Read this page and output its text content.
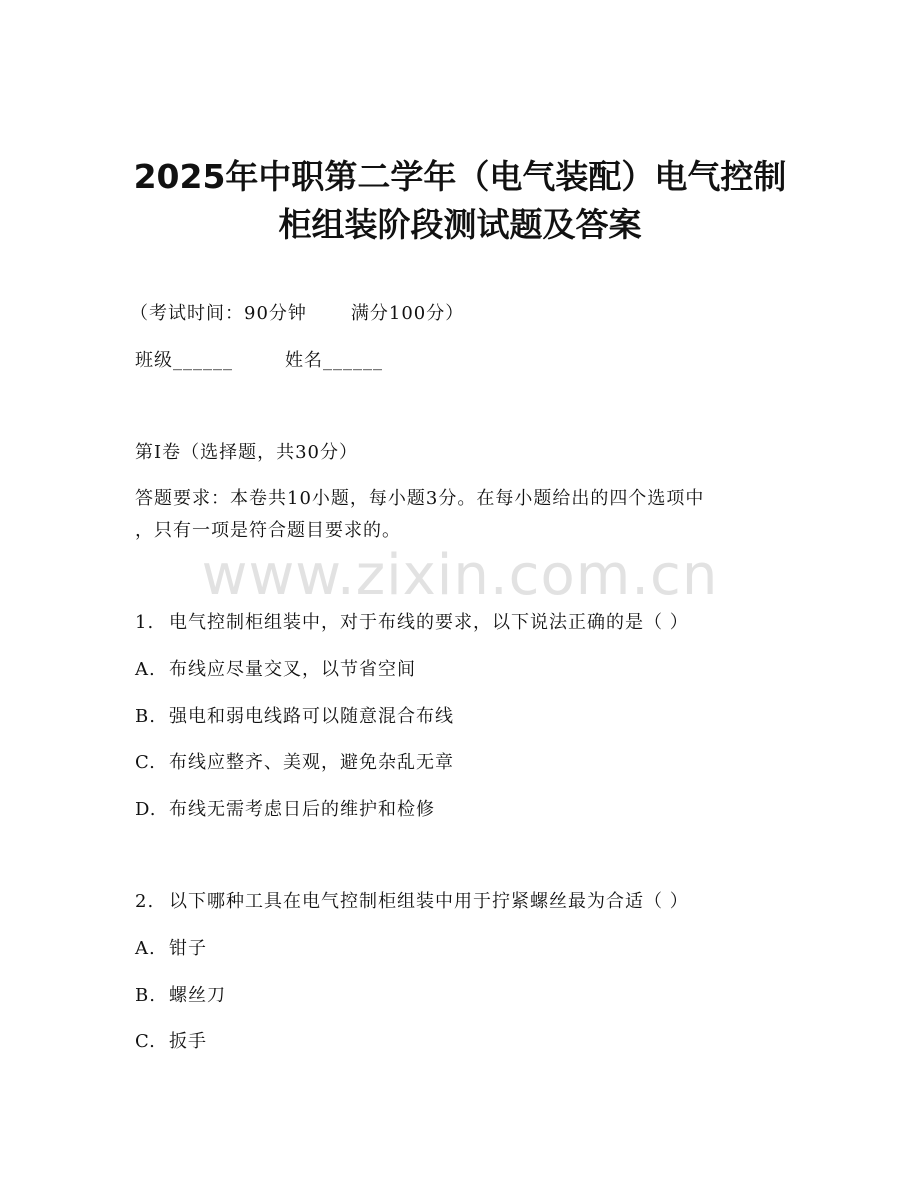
2025年中职第二学年（电气装配）电气控制
柜组装阶段测试题及答案
（考试时间：90分钟 满分100分）
班级______	姓名______
第I卷（选择题，共30分）
答题要求：本卷共10小题，每小题3分。在每小题给出的四个选项中
，只有一项是符合题目要求的。
www.zixin.com.cn
1. 电气控制柜组装中，对于布线的要求，以下说法正确的是（ ）
A. 布线应尽量交叉，以节省空间
B. 强电和弱电线路可以随意混合布线
C. 布线应整齐、美观，避免杂乱无章
D. 布线无需考虑日后的维护和检修
2. 以下哪种工具在电气控制柜组装中用于拧紧螺丝最为合适（ ）
A. 钳子
B. 螺丝刀
C. 扳手
